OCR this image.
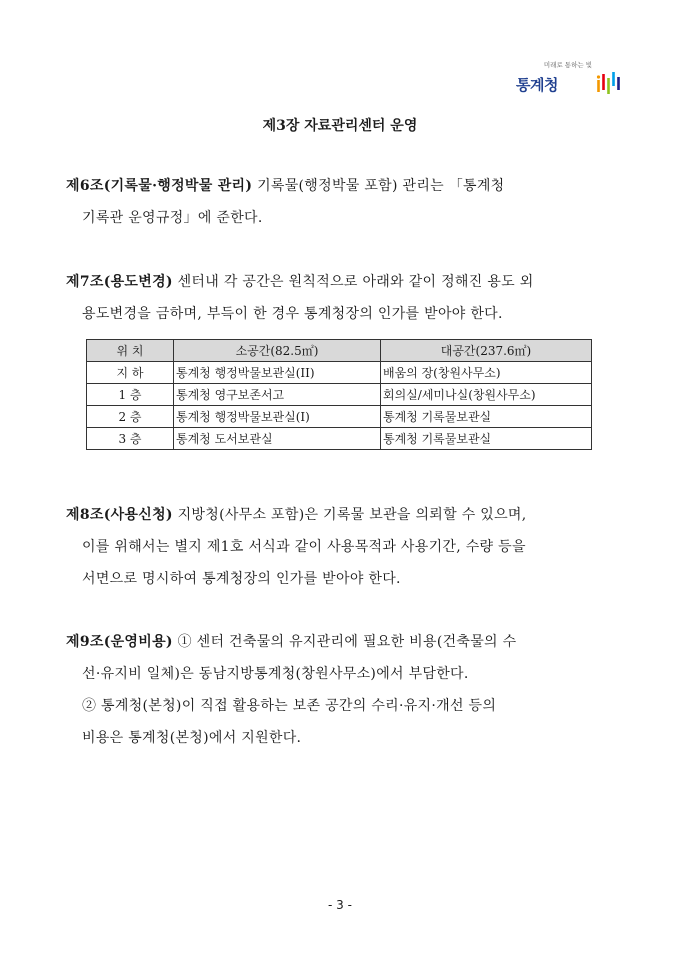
미래로 통하는 빛
통계청
제3장 자료관리센터 운영
제6조(기록물·행정박물 관리) 기록물(행정박물 포함) 관리는 「통계청
기록관 운영규정」에 준한다.
제7조(용도변경) 센터내 각 공간은 원칙적으로 아래와 같이 정해진 용도 외
용도변경을 금하며, 부득이 한 경우 통계청장의 인가를 받아야 한다.
위 치	소공간(82.5㎡)	대공간(237.6㎡)
지 하	통계청 행정박물보관실(II)	배움의 장(창원사무소)
1 층	통계청 영구보존서고	회의실/세미나실(창원사무소)
2 층	통계청 행정박물보관실(I)	통계청 기록물보관실
3 층	통계청 도서보관실	통계청 기록물보관실
제8조(사용신청) 지방청(사무소 포함)은 기록물 보관을 의뢰할 수 있으며,
이를 위해서는 별지 제1호 서식과 같이 사용목적과 사용기간, 수량 등을
서면으로 명시하여 통계청장의 인가를 받아야 한다.
제9조(운영비용) ① 센터 건축물의 유지관리에 필요한 비용(건축물의 수
선·유지비 일체)은 동남지방통계청(창원사무소)에서 부담한다.
② 통계청(본청)이 직접 활용하는 보존 공간의 수리·유지·개선 등의
비용은 통계청(본청)에서 지원한다.
- 3 -
